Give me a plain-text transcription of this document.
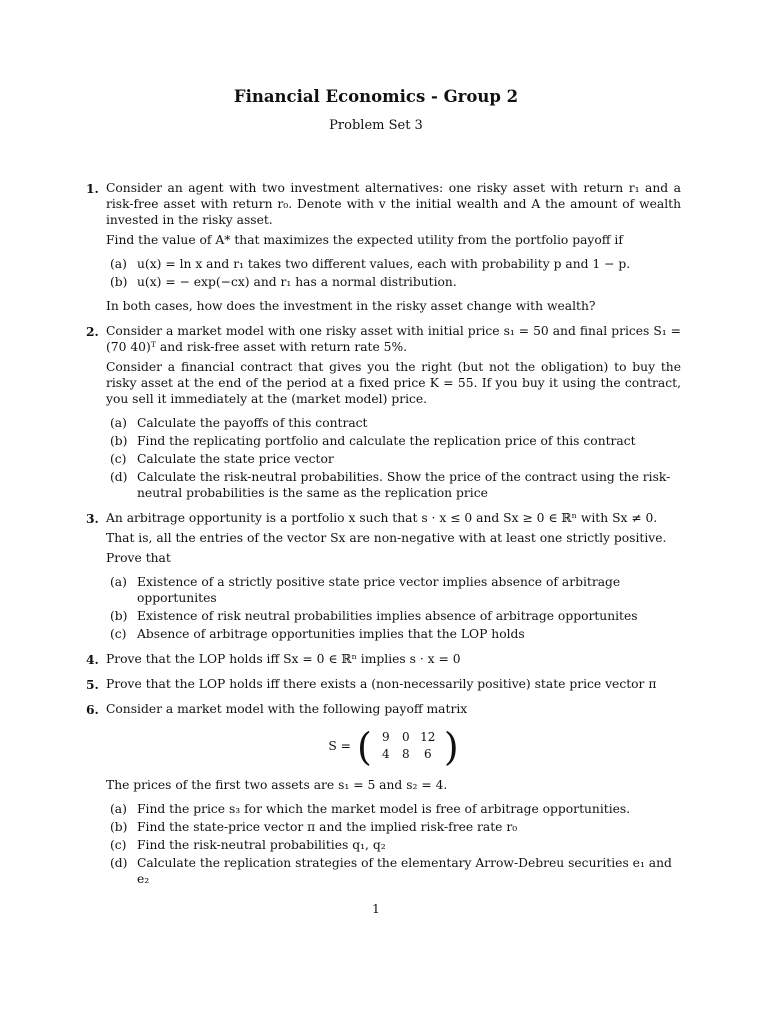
Financial Economics - Group 2
Problem Set 3
1. Consider an agent with two investment alternatives: one risky asset with return r₁ and a risk-free asset with return r₀. Denote with v the initial wealth and A the amount of wealth invested in the risky asset.

Find the value of A* that maximizes the expected utility from the portfolio payoff if

(a) u(x) = ln x and r₁ takes two different values, each with probability p and 1 − p.
(b) u(x) = − exp(−cx) and r₁ has a normal distribution.

In both cases, how does the investment in the risky asset change with wealth?

2. Consider a market model with one risky asset with initial price s₁ = 50 and final prices S₁ = (70 40)ᵀ and risk-free asset with return rate 5%.

Consider a financial contract that gives you the right (but not the obligation) to buy the risky asset at the end of the period at a fixed price K = 55. If you buy it using the contract, you sell it immediately at the (market model) price.

(a) Calculate the payoffs of this contract
(b) Find the replicating portfolio and calculate the replication price of this contract
(c) Calculate the state price vector
(d) Calculate the risk-neutral probabilities. Show the price of the contract using the risk-neutral probabilities is the same as the replication price
3. An arbitrage opportunity is a portfolio x such that s · x ≤ 0 and Sx ≥ 0 ∈ ℝⁿ with Sx ≠ 0.

That is, all the entries of the vector Sx are non-negative with at least one strictly positive.

Prove that

(a) Existence of a strictly positive state price vector implies absence of arbitrage opportunites
(b) Existence of risk neutral probabilities implies absence of arbitrage opportunites
(c) Absence of arbitrage opportunities implies that the LOP holds
4. Prove that the LOP holds iff Sx = 0 ∈ ℝⁿ implies s · x = 0

5. Prove that the LOP holds iff there exists a (non-necessarily positive) state price vector π

6. Consider a market model with the following payoff matrix

S = ( 9	0 12
4	8	6 )

The prices of the first two assets are s₁ = 5 and s₂ = 4.

(a) Find the price s₃ for which the market model is free of arbitrage opportunities.
(b) Find the state-price vector π and the implied risk-free rate r₀
(c) Find the risk-neutral probabilities q₁, q₂
(d) Calculate the replication strategies of the elementary Arrow-Debreu securities e₁ and e₂
1
